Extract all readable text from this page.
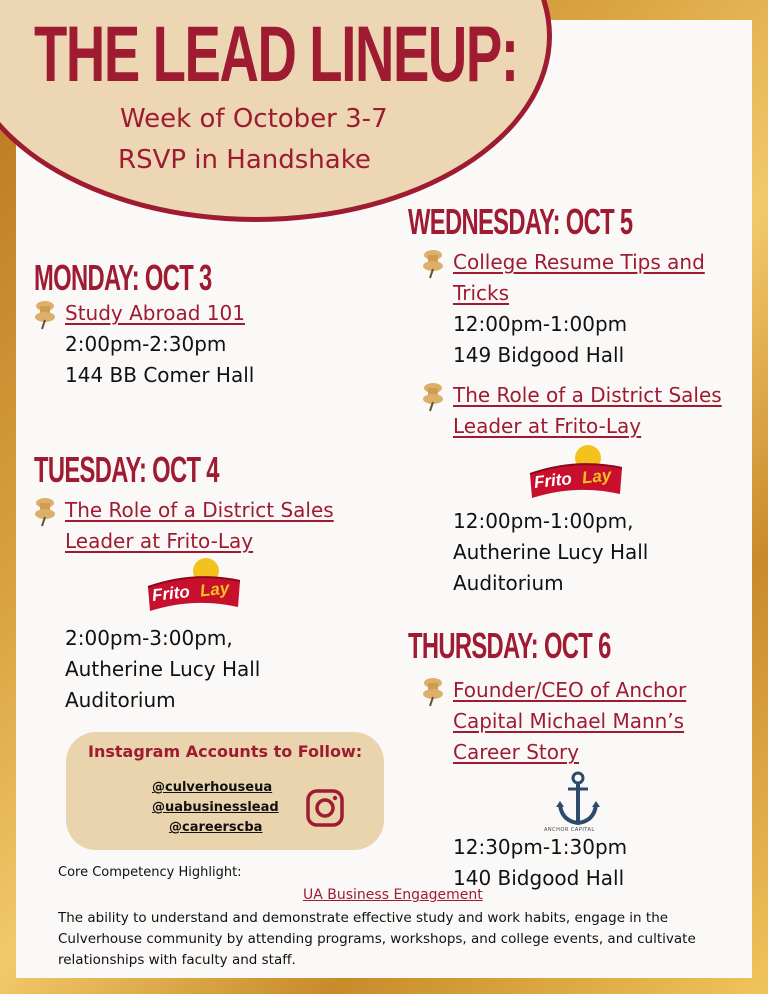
THE LEAD LINEUP:
Week of October 3-7
RSVP in Handshake
MONDAY: OCT 3
Study Abroad 101
2:00pm-2:30pm
144 BB Comer Hall
TUESDAY: OCT 4
The Role of a District Sales
Leader at Frito-Lay
Frito Lay
2:00pm-3:00pm,
Autherine Lucy Hall
Auditorium
WEDNESDAY: OCT 5
College Resume Tips and
Tricks
12:00pm-1:00pm
149 Bidgood Hall
The Role of a District Sales
Leader at Frito-Lay
Frito Lay
12:00pm-1:00pm,
Autherine Lucy Hall
Auditorium
THURSDAY: OCT 6
Founder/CEO of Anchor
Capital Michael Mann’s
Career Story
ANCHOR CAPITAL
12:30pm-1:30pm
140 Bidgood Hall
Instagram Accounts to Follow:
@culverhouseua
@uabusinesslead
@careerscba
Core Competency Highlight:
UA Business Engagement
The ability to understand and demonstrate effective study and work habits, engage in the Culverhouse community by attending programs, workshops, and college events, and cultivate relationships with faculty and staff.
